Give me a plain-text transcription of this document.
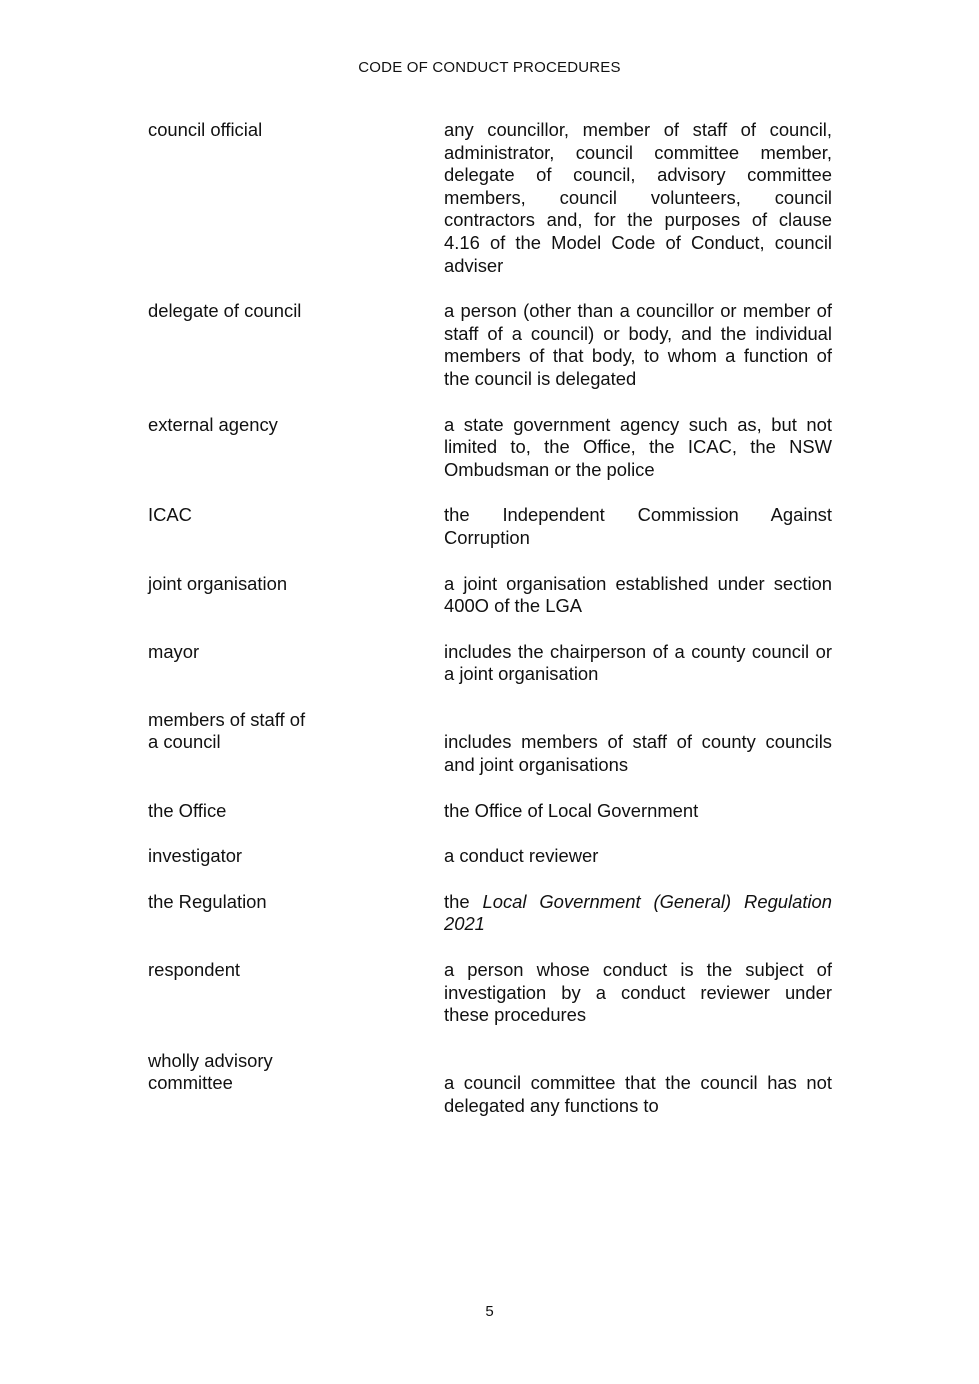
CODE OF CONDUCT PROCEDURES
council official	any councillor, member of staff of council, administrator, council committee member, delegate of council, advisory committee members, council volunteers, council contractors and, for the purposes of clause 4.16 of the Model Code of Conduct, council adviser
delegate of council	a person (other than a councillor or member of staff of a council) or body, and the individual members of that body, to whom a function of the council is delegated
external agency	a state government agency such as, but not limited to, the Office, the ICAC, the NSW Ombudsman or the police
ICAC	the Independent Commission Against Corruption
joint organisation	a joint organisation established under section 400O of the LGA
mayor	includes the chairperson of a county council or a joint organisation
members of staff of a council	includes members of staff of county councils and joint organisations
the Office	the Office of Local Government
investigator	a conduct reviewer
the Regulation	the Local Government (General) Regulation 2021
respondent	a person whose conduct is the subject of investigation by a conduct reviewer under these procedures
wholly advisory committee	a council committee that the council has not delegated any functions to
5
